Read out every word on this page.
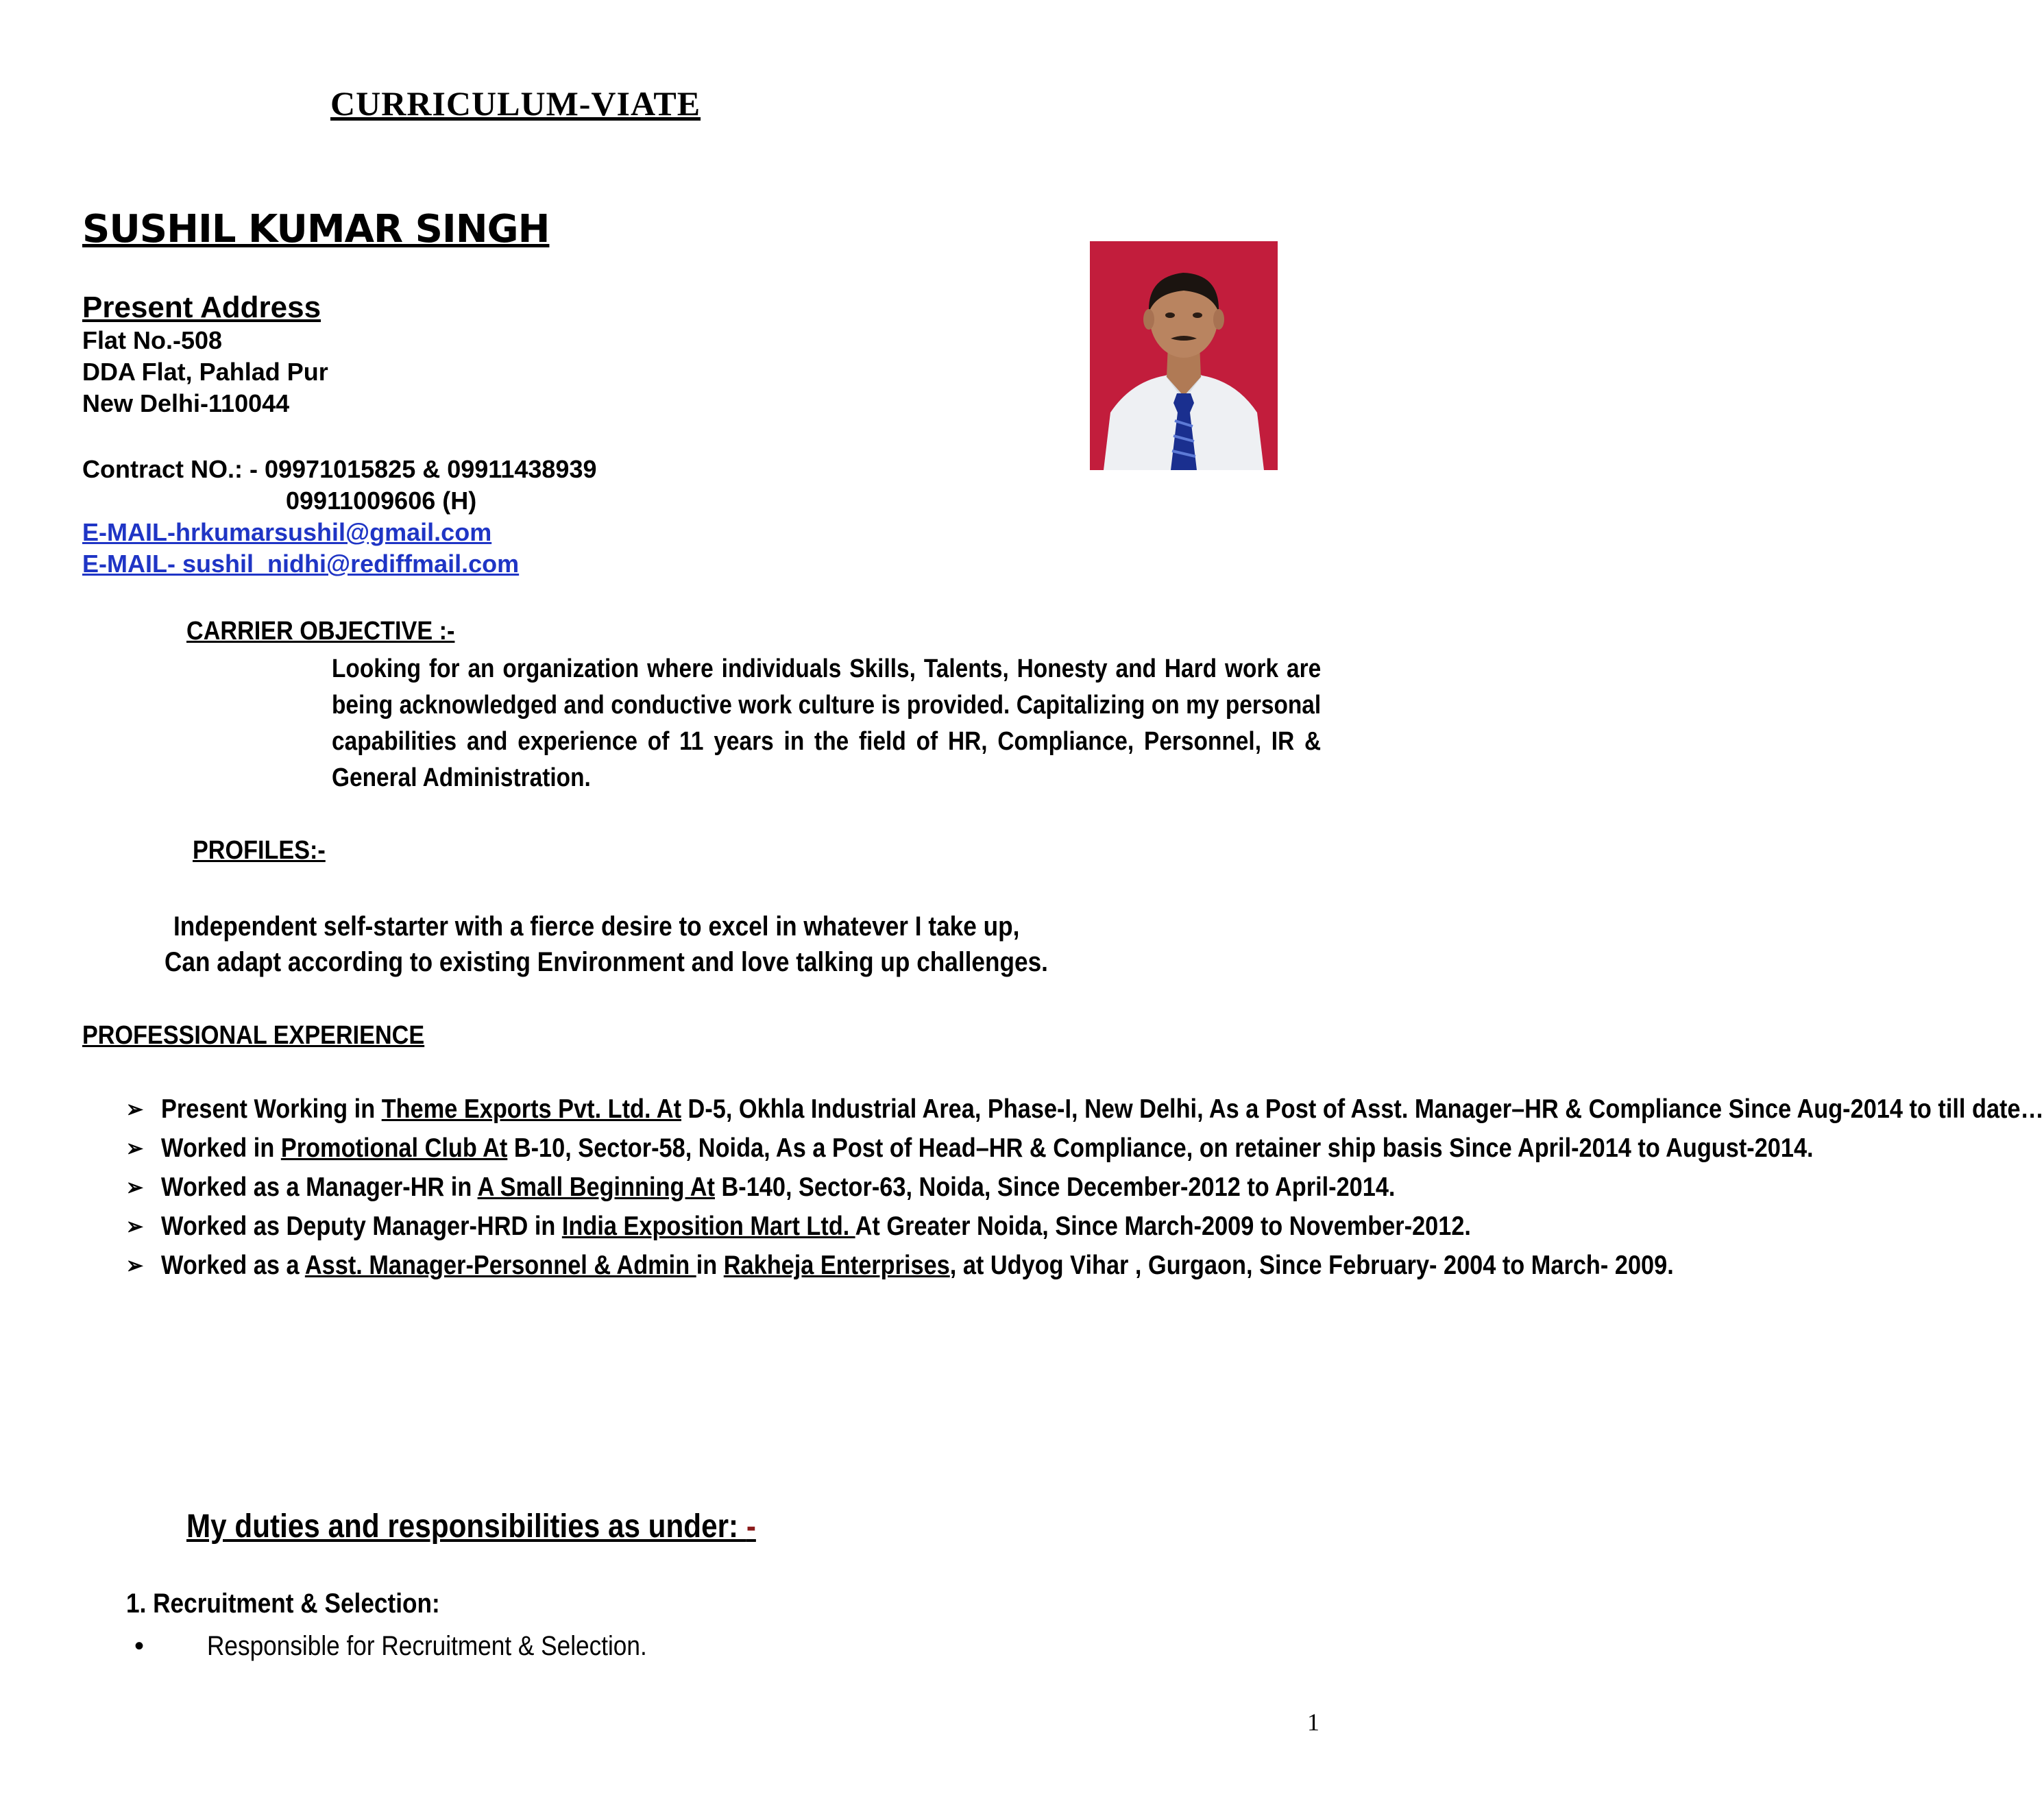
CURRICULUM-VIATE
SUSHIL KUMAR SINGH
Present Address
Flat No.-508
DDA Flat, Pahlad Pur
New Delhi-110044
Contract NO.: - 09971015825 & 09911438939
09911009606 (H)
E-MAIL-hrkumarsushil@gmail.com
E-MAIL- sushil_nidhi@rediffmail.com
CARRIER OBJECTIVE :-
Looking for an organization where individuals Skills, Talents, Honesty and Hard work are being acknowledged and conductive work culture is provided. Capitalizing on my personal capabilities and experience of 11 years in the field of HR, Compliance, Personnel, IR & General Administration.
PROFILES:-
Independent self-starter with a fierce desire to excel in whatever I take up,
Can adapt according to existing Environment and love talking up challenges.
PROFESSIONAL EXPERIENCE
➢ Present Working in Theme Exports Pvt. Ltd. At D-5, Okhla Industrial Area, Phase-I, New Delhi, As a Post of Asst. Manager–HR & Compliance Since Aug-2014 to till date…
➢ Worked in Promotional Club At B-10, Sector-58, Noida, As a Post of Head–HR & Compliance, on retainer ship basis Since April-2014 to August-2014.
➢ Worked as a Manager-HR in A Small Beginning At B-140, Sector-63, Noida, Since December-2012 to April-2014.
➢ Worked as Deputy Manager-HRD in India Exposition Mart Ltd. At Greater Noida, Since March-2009 to November-2012.
➢ Worked as a Asst. Manager-Personnel & Admin in Rakheja Enterprises, at Udyog Vihar , Gurgaon, Since February- 2004 to March- 2009.
My duties and responsibilities as under: -
1. Recruitment & Selection:
• Responsible for Recruitment & Selection.
1
